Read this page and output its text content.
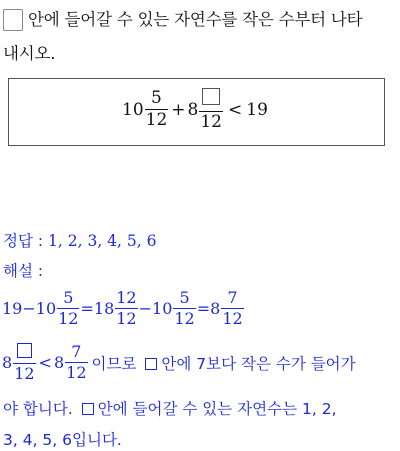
안에 들어갈 수 있는 자연수를 작은 수부터 나타
내시오.
$10 \frac{5}{12} + 8$
12
< 19
정답 : 1, 2, 3, 4, 5, 6
해설 :
$19 - 10 \frac{5}{12} = 18 \frac{12}{12} - 10 \frac{5}{12} = 8 \frac{7}{12}$
8
12
< $8 \frac{7}{12}$ 이므로 안에 7보다 작은 수가 들어가
야 합니다. 안에 들어갈 수 있는 자연수는 1, 2,
3, 4, 5, 6입니다.
